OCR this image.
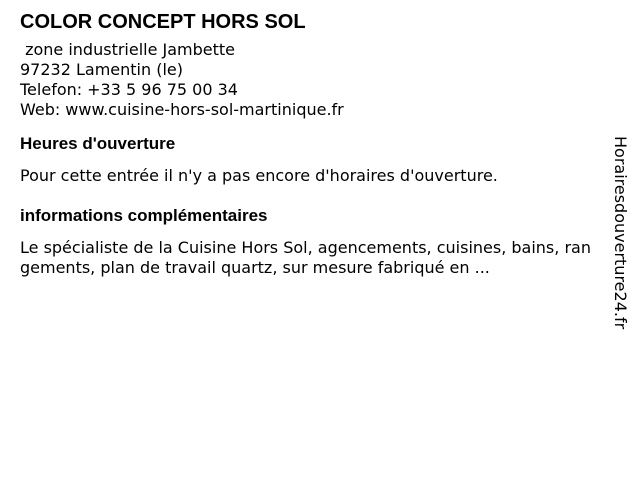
COLOR CONCEPT HORS SOL
zone industrielle Jambette
97232 Lamentin (le)
Telefon: +33 5 96 75 00 34
Web: www.cuisine-hors-sol-martinique.fr
Heures d'ouverture
Pour cette entrée il n'y a pas encore d'horaires d'ouverture.
informations complémentaires
Le spécialiste de la Cuisine Hors Sol, agencements, cuisines, bains, rangements, plan de travail quartz, sur mesure fabriqué en ...	Horairesdouverture24.fr
